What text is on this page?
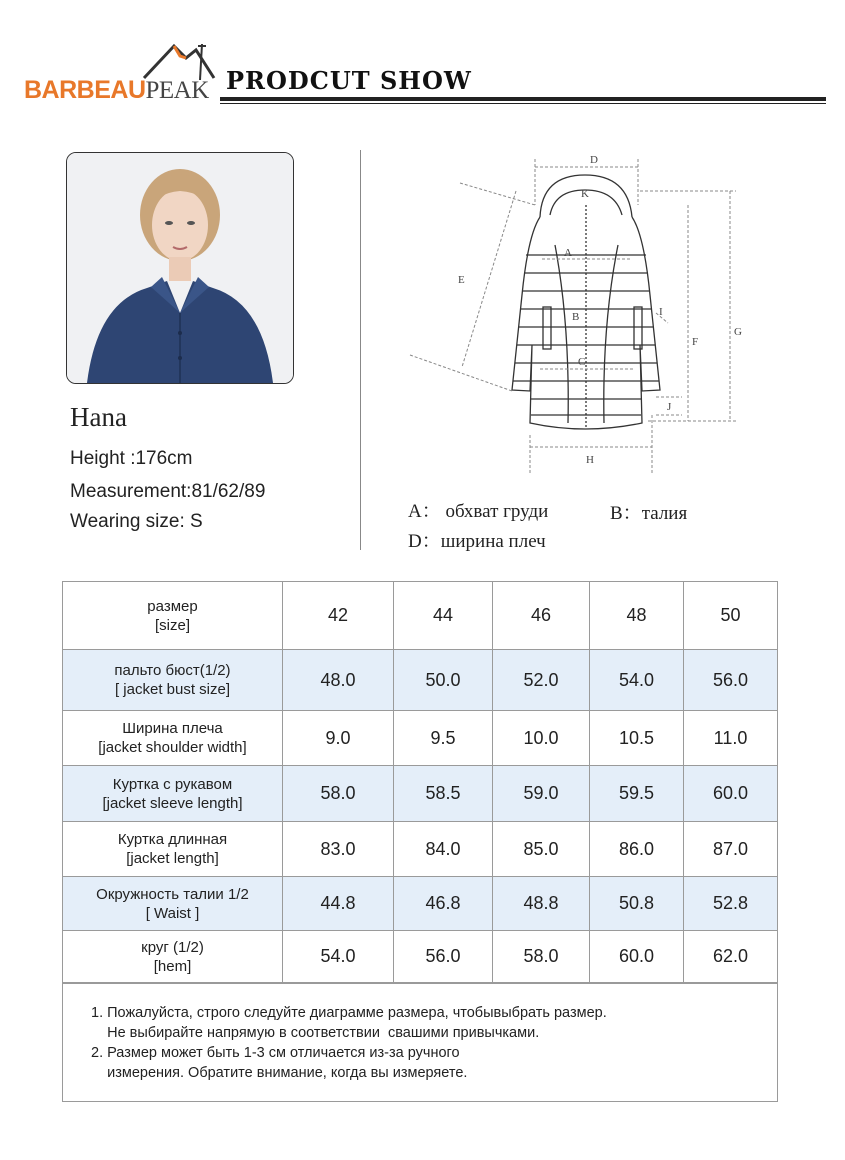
BARBEAUPEAK PRODCUT SHOW
Hana
Height :176cm
Measurement:81/62/89
Wearing size: S
D
K
A
E
B	I
F
G
C
J
H
A： обхват груди	B：талия
D：ширина плеч
размер
[size]	42	44	46	48	50
пальто бюст(1/2)
[ jacket bust size]	48.0	50.0	52.0	54.0	56.0
Ширина плеча
[jacket shoulder width]	9.0	9.5	10.0	10.5	11.0
Куртка с рукавом
[jacket sleeve length]	58.0	58.5	59.0	59.5	60.0
Куртка длинная
[jacket length]	83.0	84.0	85.0	86.0	87.0
Окружность талии 1/2
[ Waist ]	44.8	46.8	48.8	50.8	52.8
круг (1/2)
[hem]	54.0	56.0	58.0	60.0	62.0
1. Пожалуйста, строго следуйте диаграмме размера, чтобывыбрать размер.
Не выбирайте напрямую в соответствии  свашими привычками.
2. Размер может быть 1-3 см отличается из-за ручного
измерения. Обратите внимание, когда вы измеряете.
